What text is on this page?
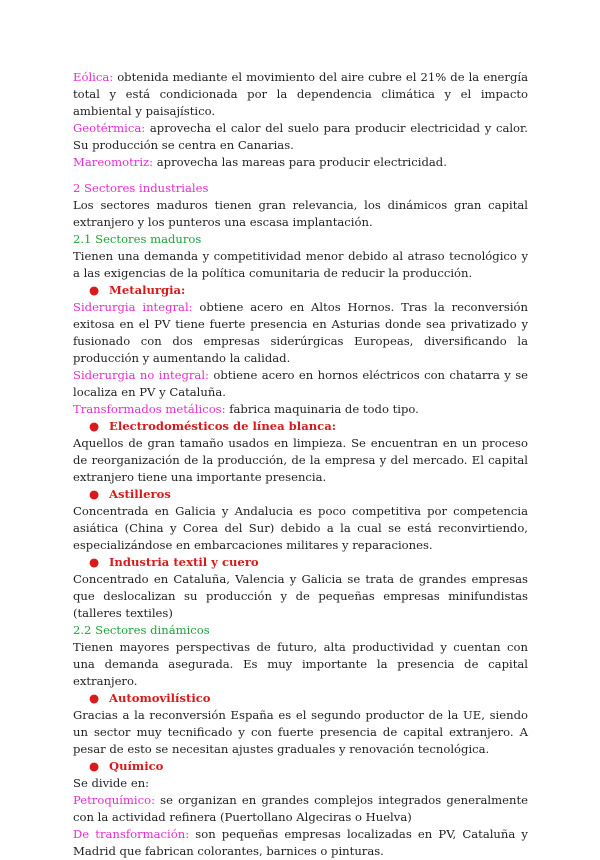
Eólica: obtenida mediante el movimiento del aire cubre el 21% de la energía total y está condicionada por la dependencia climática y el impacto ambiental y paisajístico.

Geotérmica: aprovecha el calor del suelo para producir electricidad y calor. Su producción se centra en Canarias.

Mareomotriz: aprovecha las mareas para producir electricidad.

2 Sectores industriales

Los sectores maduros tienen gran relevancia, los dinámicos gran capital extranjero y los punteros una escasa implantación.

2.1 Sectores maduros

Tienen una demanda y competitividad menor debido al atraso tecnológico y a las exigencias de la política comunitaria de reducir la producción.

● Metalurgia:

Siderurgia integral: obtiene acero en Altos Hornos. Tras la reconversión exitosa en el PV tiene fuerte presencia en Asturias donde sea privatizado y fusionado con dos empresas siderúrgicas Europeas, diversificando la producción y aumentando la calidad.

Siderurgia no integral: obtiene acero en hornos eléctricos con chatarra y se localiza en PV y Cataluña.

Transformados metálicos: fabrica maquinaria de todo tipo.

● Electrodomésticos de línea blanca:

Aquellos de gran tamaño usados en limpieza. Se encuentran en un proceso de reorganización de la producción, de la empresa y del mercado. El capital extranjero tiene una importante presencia.

● Astilleros

Concentrada en Galicia y Andalucia es poco competitiva por competencia asiática (China y Corea del Sur) debido a la cual se está reconvirtiendo, especializándose en embarcaciones militares y reparaciones.

● Industria textil y cuero

Concentrado en Cataluña, Valencia y Galicia se trata de grandes empresas que deslocalizan su producción y de pequeñas empresas minifundistas (talleres textiles)

2.2 Sectores dinámicos

Tienen mayores perspectivas de futuro, alta productividad y cuentan con una demanda asegurada. Es muy importante la presencia de capital extranjero.

● Automovilístico

Gracias a la reconversión España es el segundo productor de la UE, siendo un sector muy tecnificado y con fuerte presencia de capital extranjero. A pesar de esto se necesitan ajustes graduales y renovación tecnológica.

● Químico

Se divide en:

Petroquímico: se organizan en grandes complejos integrados generalmente con la actividad refinera (Puertollano Algeciras o Huelva)

De transformación: son pequeñas empresas localizadas en PV, Cataluña y Madrid que fabrican colorantes, barnices o pinturas.
